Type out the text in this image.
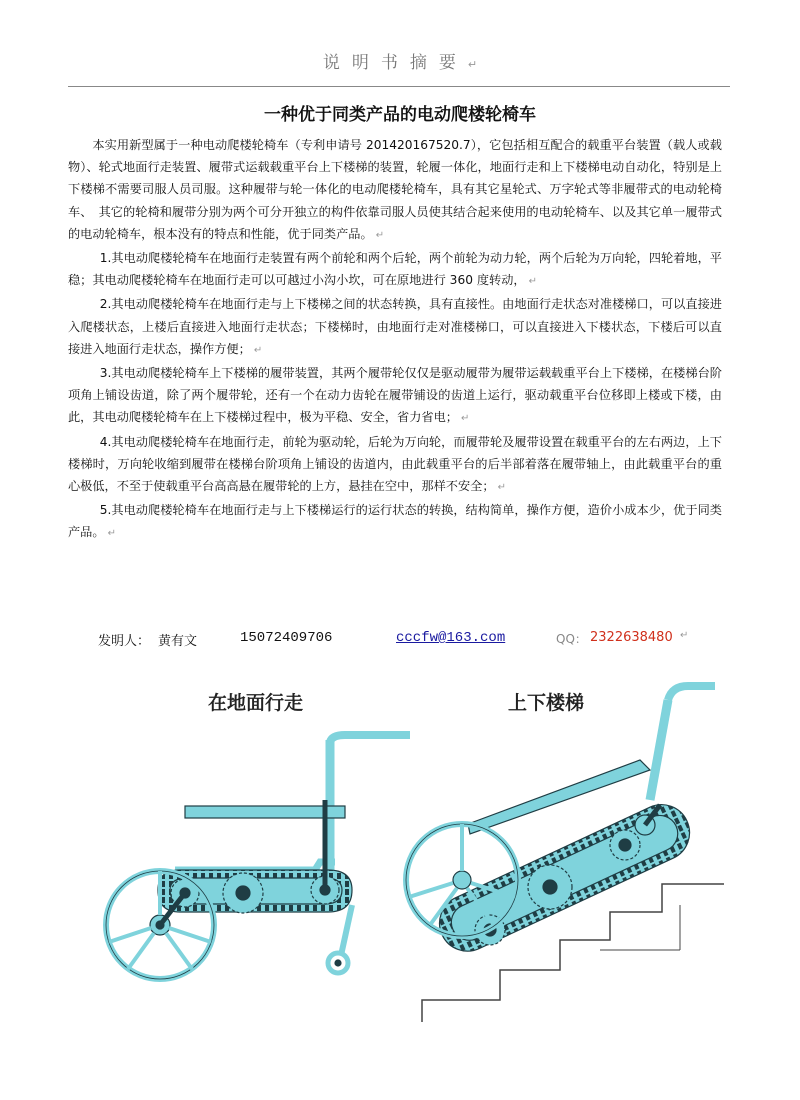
说明书摘要↵
一种优于同类产品的电动爬楼轮椅车

本实用新型属于一种电动爬楼轮椅车（专利申请号 201420167520.7），它包括相互配合的载重平台装置（载人或载物）、轮式地面行走装置、履带式运载载重平台上下楼梯的装置，轮履一体化，地面行走和上下楼梯电动自动化，特别是上下楼梯不需要司服人员司服。这种履带与轮一体化的电动爬楼轮椅车，具有其它星轮式、万字轮式等非履带式的电动轮椅车、　其它的轮椅和履带分别为两个可分开独立的构件依靠司服人员使其结合起来使用的电动轮椅车、以及其它单一履带式的电动轮椅车，根本没有的特点和性能，优于同类产品。 ↵

1.其电动爬楼轮椅车在地面行走装置有两个前轮和两个后轮，两个前轮为动力轮，两个后轮为万向轮，四轮着地，平稳；其电动爬楼轮椅车在地面行走可以可越过小沟小坎，可在原地进行 360 度转动， ↵

2.其电动爬楼轮椅车在地面行走与上下楼梯之间的状态转换，具有直接性。由地面行走状态对准楼梯口，可以直接进入爬楼状态，上楼后直接进入地面行走状态；下楼梯时，由地面行走对准楼梯口，可以直接进入下楼状态，下楼后可以直接进入地面行走状态，操作方便； ↵

3.其电动爬楼轮椅车上下楼梯的履带装置，其两个履带轮仅仅是驱动履带为履带运载载重平台上下楼梯，在楼梯台阶项角上铺设齿道，除了两个履带轮，还有一个在动力齿轮在履带铺设的齿道上运行，驱动载重平台位移即上楼或下楼，由此，其电动爬楼轮椅车在上下楼梯过程中，极为平稳、安全，省力省电； ↵

4.其电动爬楼轮椅车在地面行走，前轮为驱动轮，后轮为万向轮，而履带轮及履带设置在载重平台的左右两边，上下楼梯时，万向轮收缩到履带在楼梯台阶项角上铺设的齿道内，由此载重平台的后半部着落在履带轴上，由此载重平台的重心极低，不至于使载重平台高高悬在履带轮的上方，悬挂在空中，那样不安全； ↵

5.其电动爬楼轮椅车在地面行走与上下楼梯运行的运行状态的转换，结构简单，操作方便，造价小成本少，优于同类产品。 ↵

发明人： 黄有文	15072409706	cccfw@163.com	QQ： 2322638480 ↵
在地面行走	上下楼梯
